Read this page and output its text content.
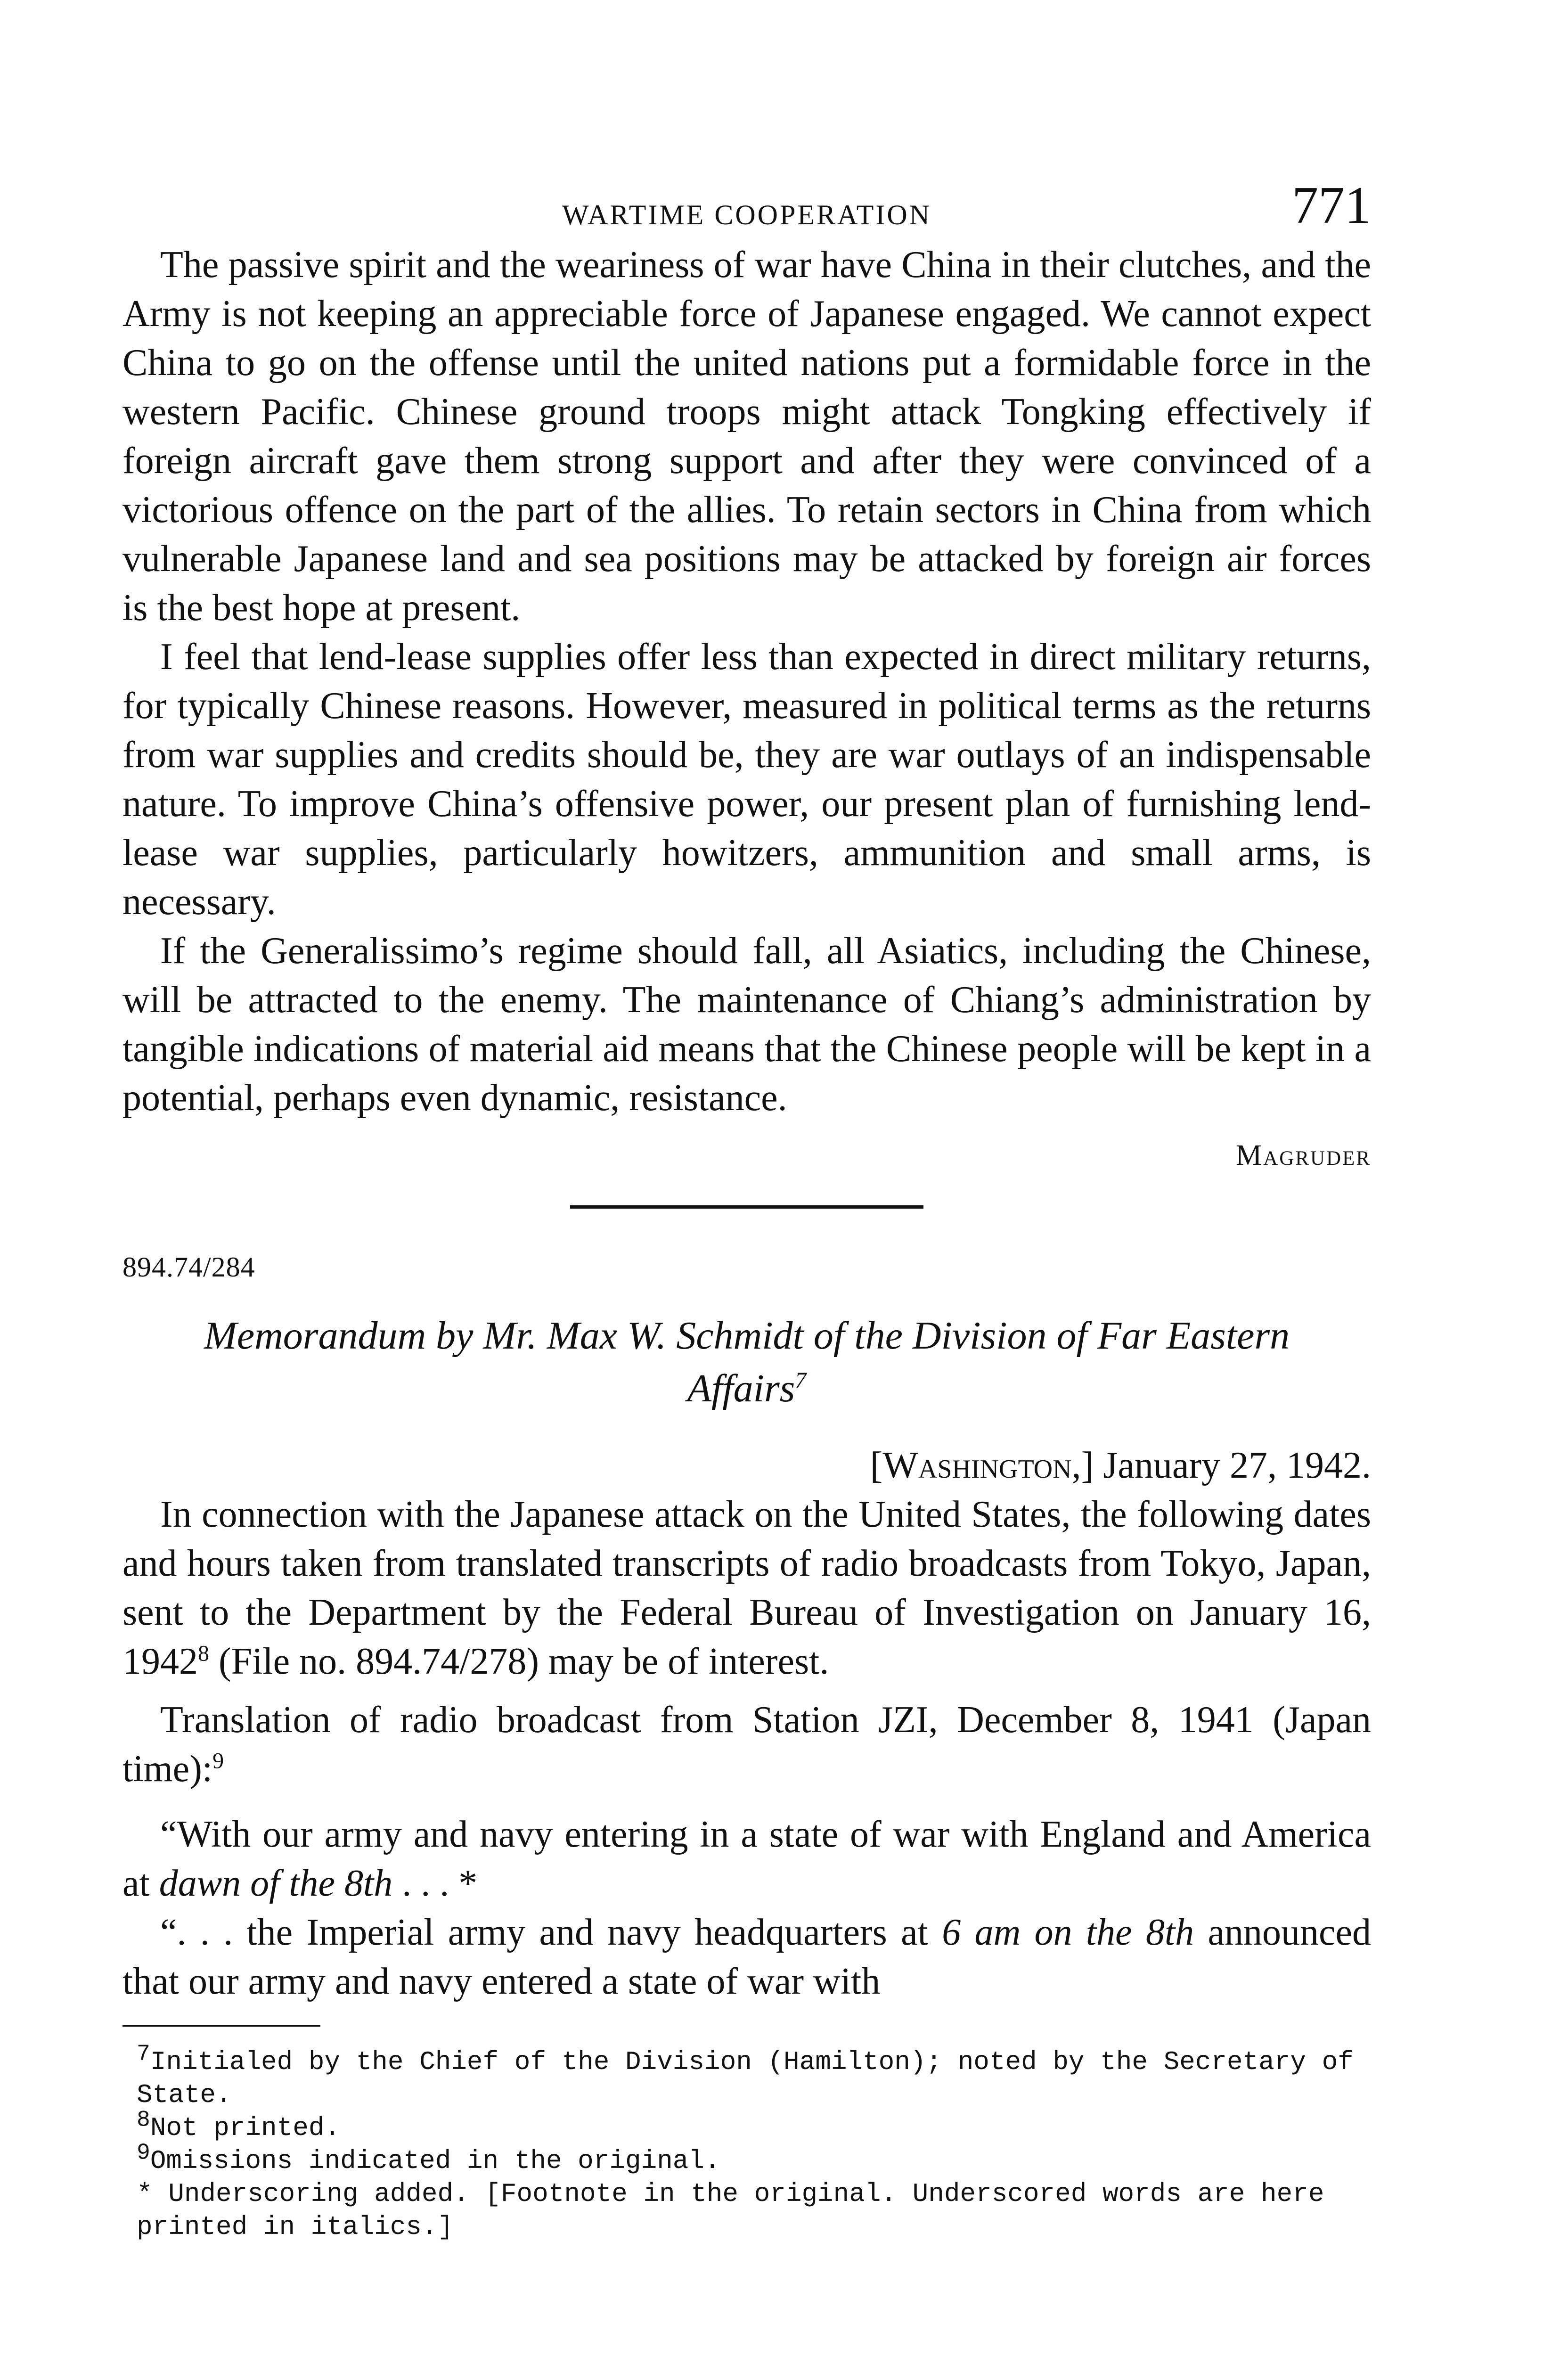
WARTIME COOPERATION	771

The passive spirit and the weariness of war have China in their clutches, and the Army is not keeping an appreciable force of Japanese engaged. We cannot expect China to go on the offense until the united nations put a formidable force in the western Pacific. Chinese ground troops might attack Tongking effectively if foreign aircraft gave them strong support and after they were convinced of a victorious offence on the part of the allies. To retain sectors in China from which vulnerable Japanese land and sea positions may be attacked by foreign air forces is the best hope at present.

I feel that lend-lease supplies offer less than expected in direct military returns, for typically Chinese reasons. However, measured in political terms as the returns from war supplies and credits should be, they are war outlays of an indispensable nature. To improve China’s offensive power, our present plan of furnishing lend-lease war supplies, particularly howitzers, ammunition and small arms, is necessary.

If the Generalissimo’s regime should fall, all Asiatics, including the Chinese, will be attracted to the enemy. The maintenance of Chiang’s administration by tangible indications of material aid means that the Chinese people will be kept in a potential, perhaps even dynamic, resistance.

Magruder
894.74/284
Memorandum by Mr. Max W. Schmidt of the Division of Far Eastern
Affairs$^7$
[Washington,] January 27, 1942.

In connection with the Japanese attack on the United States, the following dates and hours taken from translated transcripts of radio broadcasts from Tokyo, Japan, sent to the Department by the Federal Bureau of Investigation on January 16, 1942$^8$ (File no. 894.74/278) may be of interest.

Translation of radio broadcast from Station JZI, December 8, 1941 (Japan time):$^9$

“With our army and navy entering in a state of war with England and America at dawn of the 8th . . . *

“. . . the Imperial army and navy headquarters at 6 am on the 8th announced that our army and navy entered a state of war with

$^7$Initialed by the Chief of the Division (Hamilton); noted by the Secretary of State.

$^8$Not printed.

$^9$Omissions indicated in the original.

* Underscoring added. [Footnote in the original. Underscored words are here printed in italics.]
